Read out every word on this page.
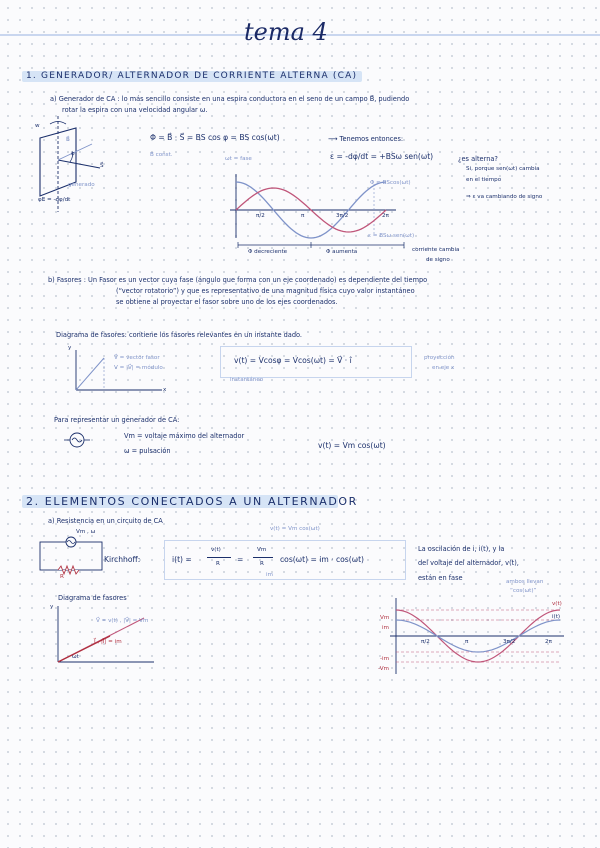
tema 4
1. GENERADOR/ ALTERNADOR DE CORRIENTE ALTERNA (CA)
a) Generador de CA : lo más sencillo consiste en una espira conductora en el seno de un campo B⃗, pudiendo
rotar la espira con una velocidad angular ω.
w
B⃗
φ
S⃗
generado
φE = -dφ/dt
Φ = B⃗ · S⃗ = BS cos φ = BS cos(ωt)	⟶ Tenemos entonces:
B const.
ωt = fase	ε = -dφ/dt = +BSω sen(ωt)	¿es alterna?
Si, porque sen(ωt) cambia
en el tiempo
⇒ ε va cambiando de signo
Φ = BScos(ωt)
ε = BSω sen(ωt)
π/2	π	3π/2	2π
Φ decreciente	Φ aumenta	corriente cambia
de signo
b) Fasores : Un Fasor es un vector cuya fase (ángulo que forma con un eje coordenado) es dependiente del tiempo
(“vector rotatorio”) y que es representativo de una magnitud física cuyo valor instantáneo
se obtiene al proyectar el fasor sobre uno de los ejes coordenados.
Diagrama de fasores: contiene los fasores relevantes en un instante dado.
y
x
V⃗ = vector fasor
V = |V⃗| = módulo
v(t) = Vcosφ = Vcos(ωt) = V⃗ · î
instantáneo
proyección
en eje x
Para representar un generador de CA:
Vm = voltaje máximo del alternador
ω = pulsación
v(t) = Vm cos(ωt)
2. ELEMENTOS CONECTADOS A UN ALTERNADOR
a) Resistencia en un circuito de CA
Vm , ω
R
Kirchhoff:	i(t) =
v(t)
R =
Vm
R cos(ωt) = im · cos(ωt)
im
v(t) = Vm cos(ωt)
La oscilación de i, i(t), y la
del voltaje del alternador, v(t),
están en fase	ambos llevan
“cos(ωt)”
Diagrama de fasores
y
V⃗ = v(t) , |V⃗| = Vm
I⃗ , |I⃗| = im
ωt
v(t)
i(t)
Vm
im
-im
-Vm
π/2	π	3π/2	2π
